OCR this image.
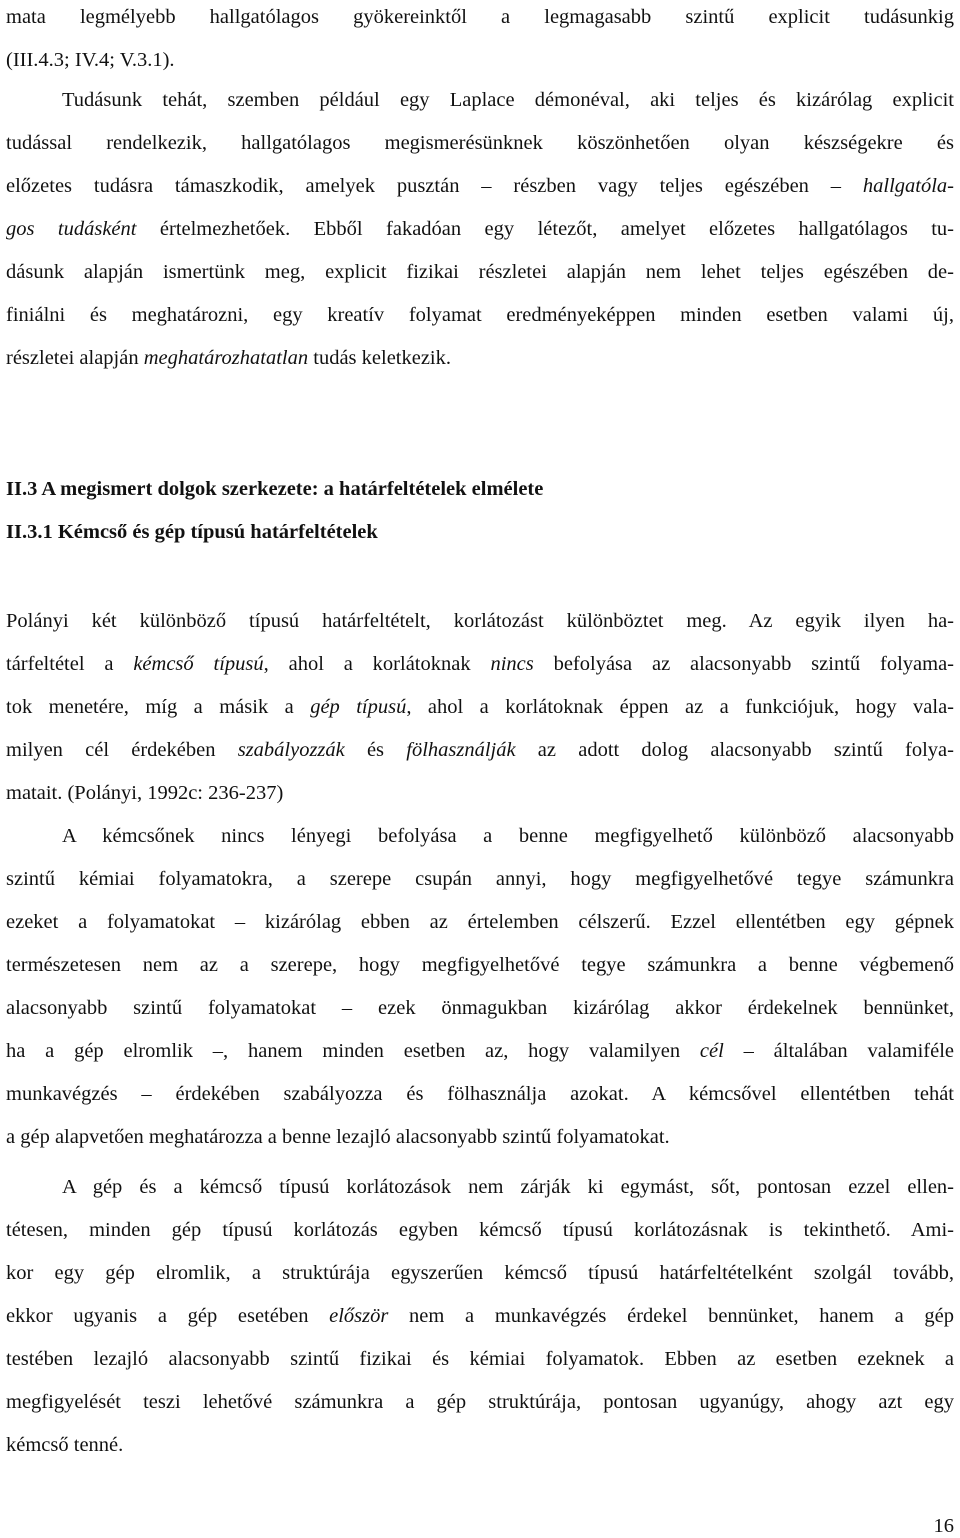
mata legmélyebb hallgatólagos gyökereinktől a legmagasabb szintű explicit tudásunkig
(III.4.3; IV.4; V.3.1).

Tudásunk tehát, szemben például egy Laplace démonéval, aki teljes és kizárólag explicit
tudással rendelkezik, hallgatólagos megismerésünknek köszönhetően olyan készségekre és
előzetes tudásra támaszkodik, amelyek pusztán – részben vagy teljes egészében – hallgatóla-
gos tudásként értelmezhetőek. Ebből fakadóan egy létezőt, amelyet előzetes hallgatólagos tu-
dásunk alapján ismertünk meg, explicit fizikai részletei alapján nem lehet teljes egészében de-
finiálni és meghatározni, egy kreatív folyamat eredményeképpen minden esetben valami új,
részletei alapján meghatározhatatlan tudás keletkezik.

II.3 A megismert dolgok szerkezete: a határfeltételek elmélete
II.3.1 Kémcső és gép típusú határfeltételek

Polányi két különböző típusú határfeltételt, korlátozást különböztet meg. Az egyik ilyen ha-
tárfeltétel a kémcső típusú, ahol a korlátoknak nincs befolyása az alacsonyabb szintű folyama-
tok menetére, míg a másik a gép típusú, ahol a korlátoknak éppen az a funkciójuk, hogy vala-
milyen cél érdekében szabályozzák és fölhasználják az adott dolog alacsonyabb szintű folya-
matait. (Polányi, 1992c: 236-237)

A kémcsőnek nincs lényegi befolyása a benne megfigyelhető különböző alacsonyabb
szintű kémiai folyamatokra, a szerepe csupán annyi, hogy megfigyelhetővé tegye számunkra
ezeket a folyamatokat – kizárólag ebben az értelemben célszerű. Ezzel ellentétben egy gépnek
természetesen nem az a szerepe, hogy megfigyelhetővé tegye számunkra a benne végbemenő
alacsonyabb szintű folyamatokat – ezek önmagukban kizárólag akkor érdekelnek bennünket,
ha a gép elromlik –, hanem minden esetben az, hogy valamilyen cél – általában valamiféle
munkavégzés – érdekében szabályozza és fölhasználja azokat. A kémcsővel ellentétben tehát
a gép alapvetően meghatározza a benne lezajló alacsonyabb szintű folyamatokat.

A gép és a kémcső típusú korlátozások nem zárják ki egymást, sőt, pontosan ezzel ellen-
tétesen, minden gép típusú korlátozás egyben kémcső típusú korlátozásnak is tekinthető. Ami-
kor egy gép elromlik, a struktúrája egyszerűen kémcső típusú határfeltételként szolgál tovább,
ekkor ugyanis a gép esetében először nem a munkavégzés érdekel bennünket, hanem a gép
testében lezajló alacsonyabb szintű fizikai és kémiai folyamatok. Ebben az esetben ezeknek a
megfigyelését teszi lehetővé számunkra a gép struktúrája, pontosan ugyanúgy, ahogy azt egy
kémcső tenné.

16
